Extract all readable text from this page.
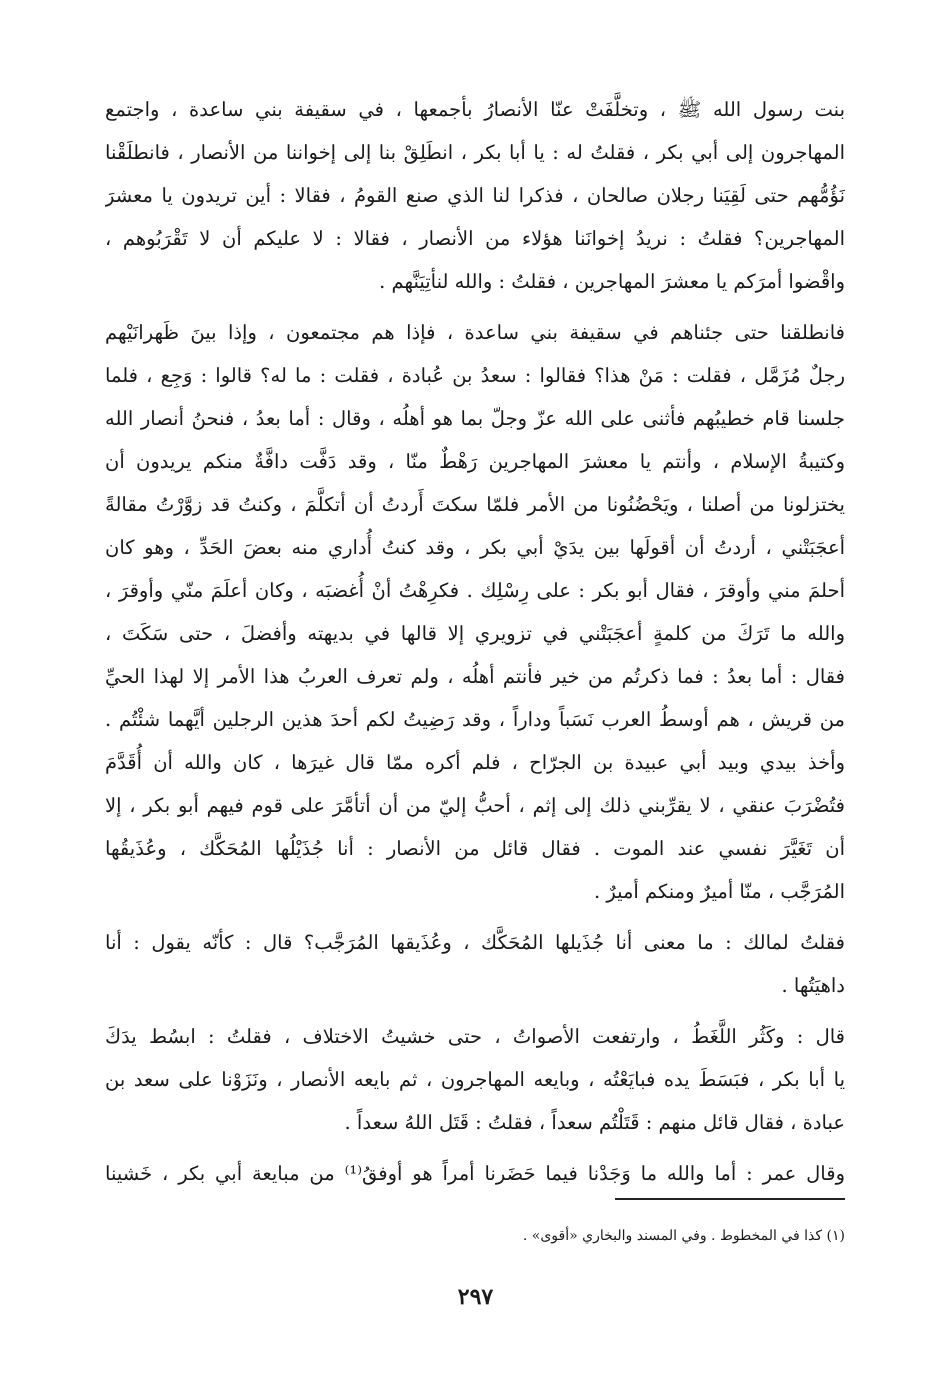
بنت رسول الله ﷺ ، وتخلَّفَتْ عنّا الأنصارُ بأجمعها ، في سقيفة بني ساعدة ، واجتمع
المهاجرون إلى أبي بكر ، فقلتُ له : يا أبا بكر ، انطَلِقْ بنا إلى إخواننا من الأنصار ، فانطلَقْنا
نَؤُمُّهم حتى لَقِيَنا رجلان صالحان ، فذكرا لنا الذي صنع القومُ ، فقالا : أين تريدون يا معشرَ
المهاجرين؟ فقلتُ : نريدُ إخوانَنا هؤلاء من الأنصار ، فقالا : لا عليكم أن لا تَقْرَبُوهم ،
واقْضوا أمرَكم يا معشرَ المهاجرين ، فقلتُ : والله لنأتِيَنَّهم .
فانطلقنا حتى جئناهم في سقيفة بني ساعدة ، فإذا هم مجتمعون ، وإذا بينَ ظَهرانَيْهم
رجلٌ مُزَمَّل ، فقلت : مَنْ هذا؟ فقالوا : سعدُ بن عُبادة ، فقلت : ما له؟ قالوا : وَجِع ، فلما
جلسنا قام خطيبُهم فأثنى على الله عزّ وجلّ بما هو أهلُه ، وقال : أما بعدُ ، فنحنُ أنصار الله
وكتيبةُ الإسلام ، وأنتم يا معشرَ المهاجرين رَهْطٌ منّا ، وقد دَفَّت دافَّةٌ منكم يريدون أن
يختزلونا من أصلنا ، ويَحْضُنُونا من الأمر فلمّا سكتَ أَردتُ أن أتكلَّمَ ، وكنتُ قد زوَّرْتُ مقالةً
أعجَبَتْني ، أردتُ أن أقولَها بين يدَيْ أبي بكر ، وقد كنتُ أُداري منه بعضَ الحَدِّ ، وهو كان
أحلمَ مني وأوقرَ ، فقال أبو بكر : على رِسْلِك . فكرِهْتُ أنْ أُغضبَه ، وكان أعلَمَ منّي وأوقرَ ،
والله ما تَرَكَ من كلمةٍ أعجَبَتْني في تزويري إلا قالها في بديهته وأفضلَ ، حتى سَكَتَ ،
فقال : أما بعدُ : فما ذكرتُم من خير فأنتم أهلُه ، ولم تعرف العربُ هذا الأمر إلا لهذا الحيِّ
من قريش ، هم أوسطُ العرب نَسَباً وداراً ، وقد رَضِيتُ لكم أحدَ هذين الرجلين أيَّهما شئْتُم .
وأخذ بيدي وبيد أبي عبيدة بن الجرّاح ، فلم أكره ممّا قال غيرَها ، كان والله أن أُقَدَّمَ
فتُضْرَبَ عنقي ، لا يقرِّبني ذلك إلى إثم ، أحبُّ إليّ من أن أتأمَّرَ على قوم فيهم أبو بكر ، إلا
أن تَغَيَّرَ نفسي عند الموت . فقال قائل من الأنصار : أنا جُذَيْلُها المُحَكَّك ، وعُذَيقُها
المُرَجَّب ، منّا أميرٌ ومنكم أميرٌ .
فقلتُ لمالك : ما معنى أنا جُذَيلها المُحَكَّك ، وعُذَيقها المُرَجَّب؟ قال : كأنّه يقول : أنا
داهيَتُها .
قال : وكَثُر اللَّغَطُ ، وارتفعت الأصواتُ ، حتى خشيتُ الاختلاف ، فقلتُ : ابسُط يدَكَ
يا أبا بكر ، فبَسَطَ يده فبايَعْتُه ، وبايعه المهاجرون ، ثم بايعه الأنصار ، ونَزَوْنا على سعد بن
عبادة ، فقال قائل منهم : قَتَلْتُم سعداً ، فقلتُ : قَتَل اللهُ سعداً .
وقال عمر : أما والله ما وَجَدْنا فيما حَضَرنا أمراً هو أوفقُ⁽¹⁾ من مبايعة أبي بكر ، خَشينا
(١) كذا في المخطوط . وفي المسند والبخاري «أقوى» .
٢٩٧
